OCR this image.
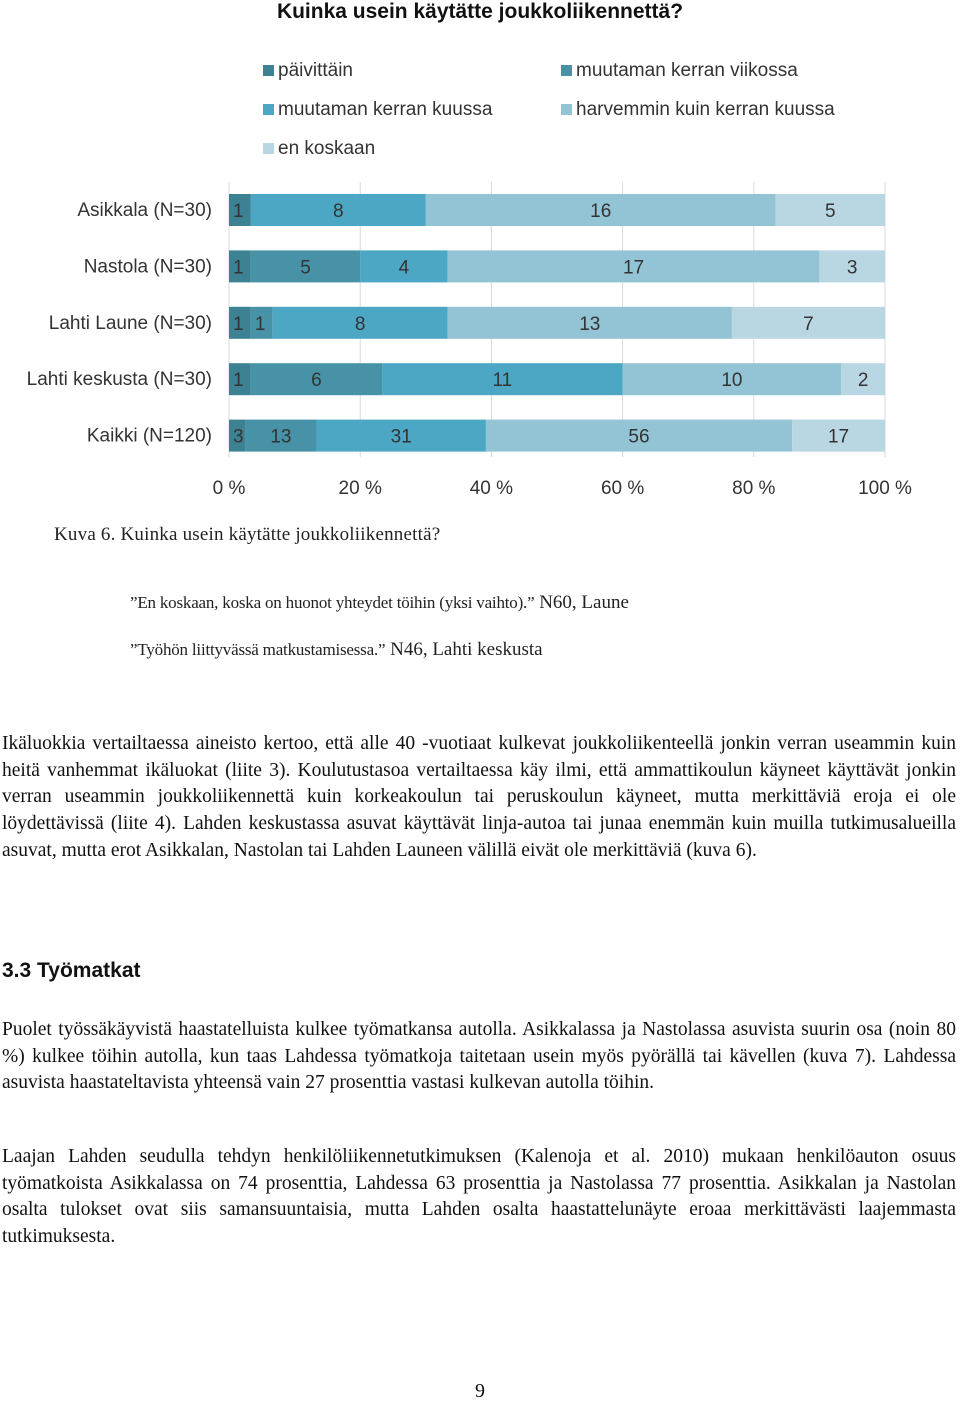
Kuinka usein käytätte joukkoliikennettä?
päivittäin	muutaman kerran viikossa
muutaman kerran kuussa	harvemmin kuin kerran kuussa
en koskaan
0 %	20 %	40 %	60 %	80 %	100 %
Asikkala (N=30) 1	8	16	5
Nastola (N=30) 1	5	4	17	3
Lahti Laune (N=30) 1 1	8	13	7
Lahti keskusta (N=30) 1	6	11	10	2
Kaikki (N=120) 3 13	31	56	17
Kuva 6. Kuinka usein käytätte joukkoliikennettä?
”En koskaan, koska on huonot yhteydet töihin (yksi vaihto).” N60, Laune
”Työhön liittyvässä matkustamisessa.” N46, Lahti keskusta

Ikäluokkia vertailtaessa aineisto kertoo, että alle 40 -vuotiaat kulkevat joukkoliikenteellä jonkin verran useammin kuin heitä vanhemmat ikäluokat (liite 3). Koulutustasoa vertailtaessa käy ilmi, että ammattikoulun käyneet käyttävät jonkin verran useammin joukkoliikennettä kuin korkeakoulun tai peruskoulun käyneet, mutta merkittäviä eroja ei ole löydettävissä (liite 4). Lahden keskustassa asuvat käyttävät linja-autoa tai junaa enemmän kuin muilla tutkimusalueilla asuvat, mutta erot Asikkalan, Nastolan tai Lahden Launeen välillä eivät ole merkittäviä (kuva 6).

3.3 Työmatkat

Puolet työssäkäyvistä haastatelluista kulkee työmatkansa autolla. Asikkalassa ja Nastolassa asuvista suurin osa (noin 80 %) kulkee töihin autolla, kun taas Lahdessa työmatkoja taitetaan usein myös pyörällä tai kävellen (kuva 7). Lahdessa asuvista haastateltavista yhteensä vain 27 prosenttia vastasi kulkevan autolla töihin.

Laajan Lahden seudulla tehdyn henkilöliikennetutkimuksen (Kalenoja et al. 2010) mukaan henkilöauton osuus työmatkoista Asikkalassa on 74 prosenttia, Lahdessa 63 prosenttia ja Nastolassa 77 prosenttia. Asikkalan ja Nastolan osalta tulokset ovat siis samansuuntaisia, mutta Lahden osalta haastattelunäyte eroaa merkittävästi laajemmasta tutkimuksesta.

9
